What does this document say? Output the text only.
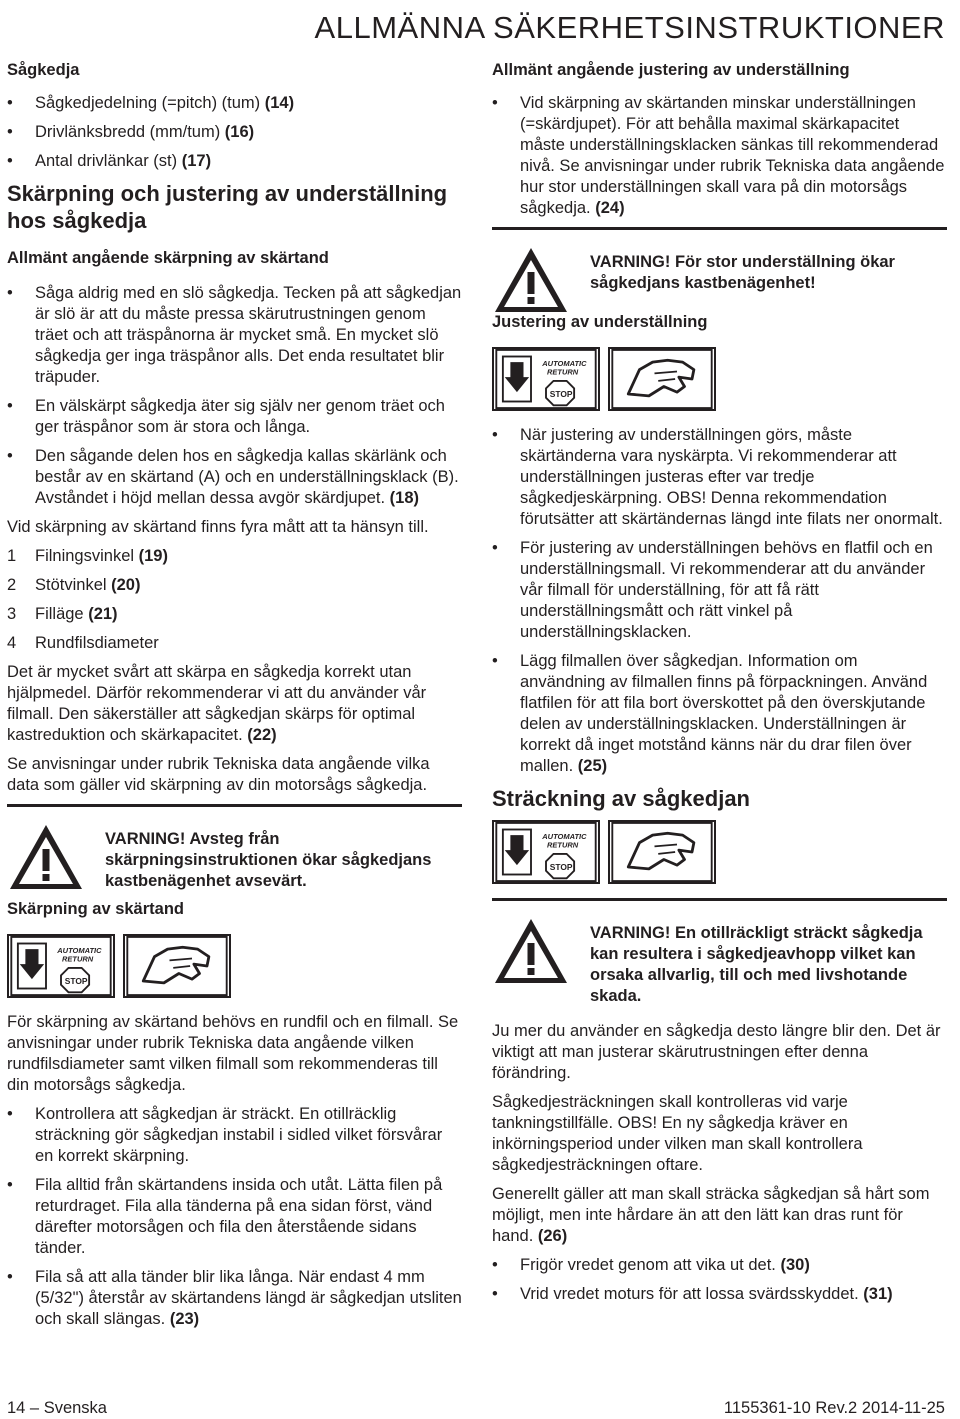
ALLMÄNNA SÄKERHETSINSTRUKTIONER
Sågkedja
• Sågkedjedelning (=pitch) (tum) (14)
• Drivlänksbredd (mm/tum) (16)
• Antal drivlänkar (st) (17)
Skärpning och justering av underställning hos sågkedja
Allmänt angående skärpning av skärtand
• Såga aldrig med en slö sågkedja. Tecken på att sågkedjan är slö är att du måste pressa skärutrustningen genom träet och att träspånorna är mycket små. En mycket slö sågkedja ger inga träspånor alls. Det enda resultatet blir träpuder.
• En välskärpt sågkedja äter sig själv ner genom träet och ger träspånor som är stora och långa.
• Den sågande delen hos en sågkedja kallas skärlänk och består av en skärtand (A) och en underställningsklack (B). Avståndet i höjd mellan dessa avgör skärdjupet. (18)

Vid skärpning av skärtand finns fyra mått att ta hänsyn till.

1 Filningsvinkel (19)
2 Stötvinkel (20)
3 Filläge (21)
4 Rundfilsdiameter

Det är mycket svårt att skärpa en sågkedja korrekt utan hjälpmedel. Därför rekommenderar vi att du använder vår filmall. Den säkerställer att sågkedjan skärps för optimal kastreduktion och skärkapacitet. (22)

Se anvisningar under rubrik Tekniska data angående vilka data som gäller vid skärpning av din motorsågs sågkedja.

VARNING! Avsteg från skärpningsinstruktionen ökar sågkedjans kastbenägenhet avsevärt.
Skärpning av skärtand
AUTOMATIC
RETURN
STOP

För skärpning av skärtand behövs en rundfil och en filmall. Se anvisningar under rubrik Tekniska data angående vilken rundfilsdiameter samt vilken filmall som rekommenderas till din motorsågs sågkedja.

• Kontrollera att sågkedjan är sträckt. En otillräcklig sträckning gör sågkedjan instabil i sidled vilket försvårar en korrekt skärpning.
• Fila alltid från skärtandens insida och utåt. Lätta filen på returdraget. Fila alla tänderna på ena sidan först, vänd därefter motorsågen och fila den återstående sidans tänder.
• Fila så att alla tänder blir lika långa. När endast 4 mm (5/32") återstår av skärtandens längd är sågkedjan utsliten och skall slängas. (23)
Allmänt angående justering av underställning
• Vid skärpning av skärtanden minskar underställningen (=skärdjupet). För att behålla maximal skärkapacitet måste underställningsklacken sänkas till rekommenderad nivå. Se anvisningar under rubrik Tekniska data angående hur stor underställningen skall vara på din motorsågs sågkedja. (24)
VARNING! För stor underställning ökar sågkedjans kastbenägenhet!
Justering av underställning
AUTOMATIC
RETURN
STOP
• När justering av underställningen görs, måste skärtänderna vara nyskärpta. Vi rekommenderar att underställningen justeras efter var tredje sågkedjeskärpning. OBS! Denna rekommendation förutsätter att skärtändernas längd inte filats ner onormalt.
• För justering av underställningen behövs en flatfil och en underställningsmall. Vi rekommenderar att du använder vår filmall för underställning, för att få rätt underställningsmått och rätt vinkel på underställningsklacken.
• Lägg filmallen över sågkedjan. Information om användning av filmallen finns på förpackningen. Använd flatfilen för att fila bort överskottet på den överskjutande delen av underställningsklacken. Underställningen är korrekt då inget motstånd känns när du drar filen över mallen. (25)
Sträckning av sågkedjan
AUTOMATIC
RETURN
STOP
VARNING! En otillräckligt sträckt sågkedja kan resultera i sågkedjeavhopp vilket kan orsaka allvarlig, till och med livshotande skada.

Ju mer du använder en sågkedja desto längre blir den. Det är viktigt att man justerar skärutrustningen efter denna förändring.

Sågkedjesträckningen skall kontrolleras vid varje tankningstillfälle. OBS! En ny sågkedja kräver en inkörningsperiod under vilken man skall kontrollera sågkedjesträckningen oftare.

Generellt gäller att man skall sträcka sågkedjan så hårt som möjligt, men inte hårdare än att den lätt kan dras runt för hand. (26)

• Frigör vredet genom att vika ut det. (30)
• Vrid vredet moturs för att lossa svärdsskyddet. (31)
14 – Svenska	1155361-10 Rev.2 2014-11-25
